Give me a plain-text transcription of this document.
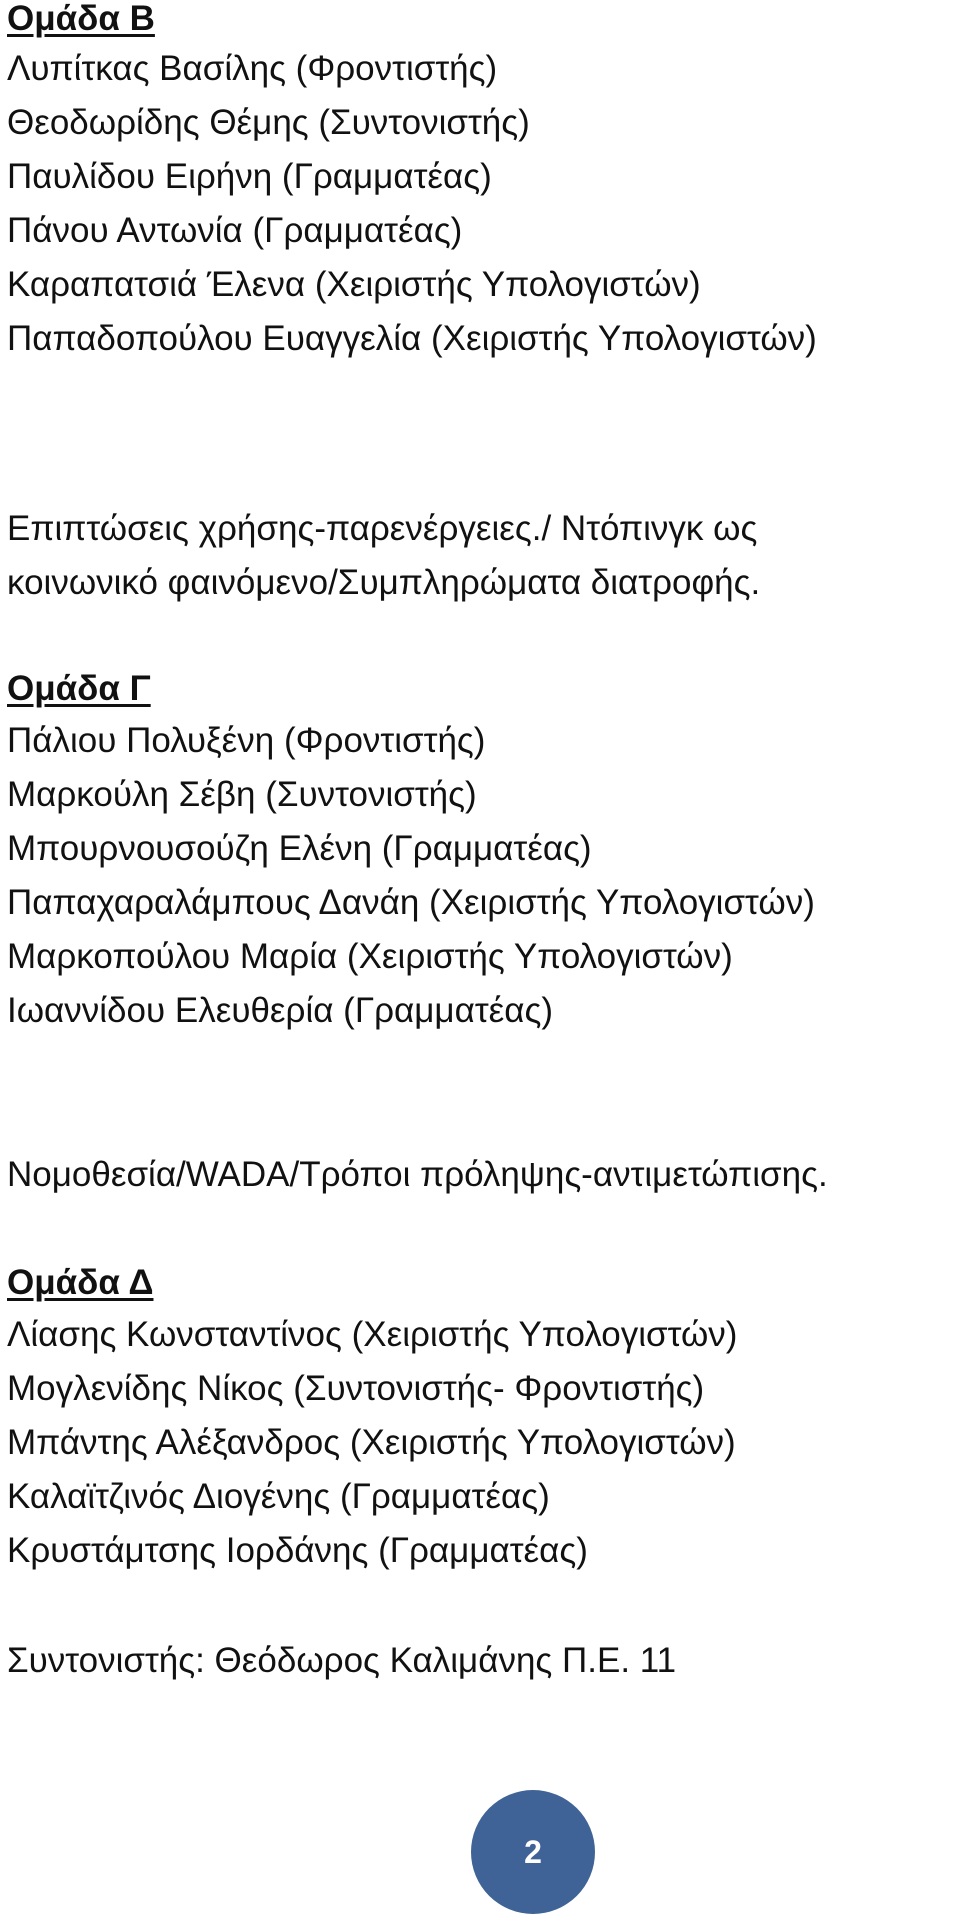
Ομάδα Β

Λυπίτκας Βασίλης (Φροντιστής)

Θεοδωρίδης Θέμης (Συντονιστής)

Παυλίδου Ειρήνη (Γραμματέας)

Πάνου Αντωνία (Γραμματέας)

Καραπατσιά Έλενα (Χειριστής Υπολογιστών)

Παπαδοπούλου Ευαγγελία (Χειριστής Υπολογιστών)

Επιπτώσεις χρήσης-παρενέργειες./ Ντόπινγκ ως

κοινωνικό φαινόμενο/Συμπληρώματα διατροφής.

Ομάδα Γ

Πάλιου Πολυξένη (Φροντιστής)

Μαρκούλη Σέβη (Συντονιστής)

Μπουρνουσούζη Ελένη (Γραμματέας)

Παπαχαραλάμπους Δανάη (Χειριστής Υπολογιστών)

Μαρκοπούλου Μαρία (Χειριστής Υπολογιστών)

Ιωαννίδου Ελευθερία (Γραμματέας)

Νομοθεσία/WADA/Τρόποι πρόληψης-αντιμετώπισης.

Ομάδα Δ

Λίασης Κωνσταντίνος (Χειριστής Υπολογιστών)

Μογλενίδης Νίκος (Συντονιστής- Φροντιστής)

Μπάντης Αλέξανδρος (Χειριστής Υπολογιστών)

Καλαϊτζινός Διογένης (Γραμματέας)

Κρυστάμτσης Ιορδάνης (Γραμματέας)

Συντονιστής: Θεόδωρος Καλιμάνης Π.Ε. 11

2
